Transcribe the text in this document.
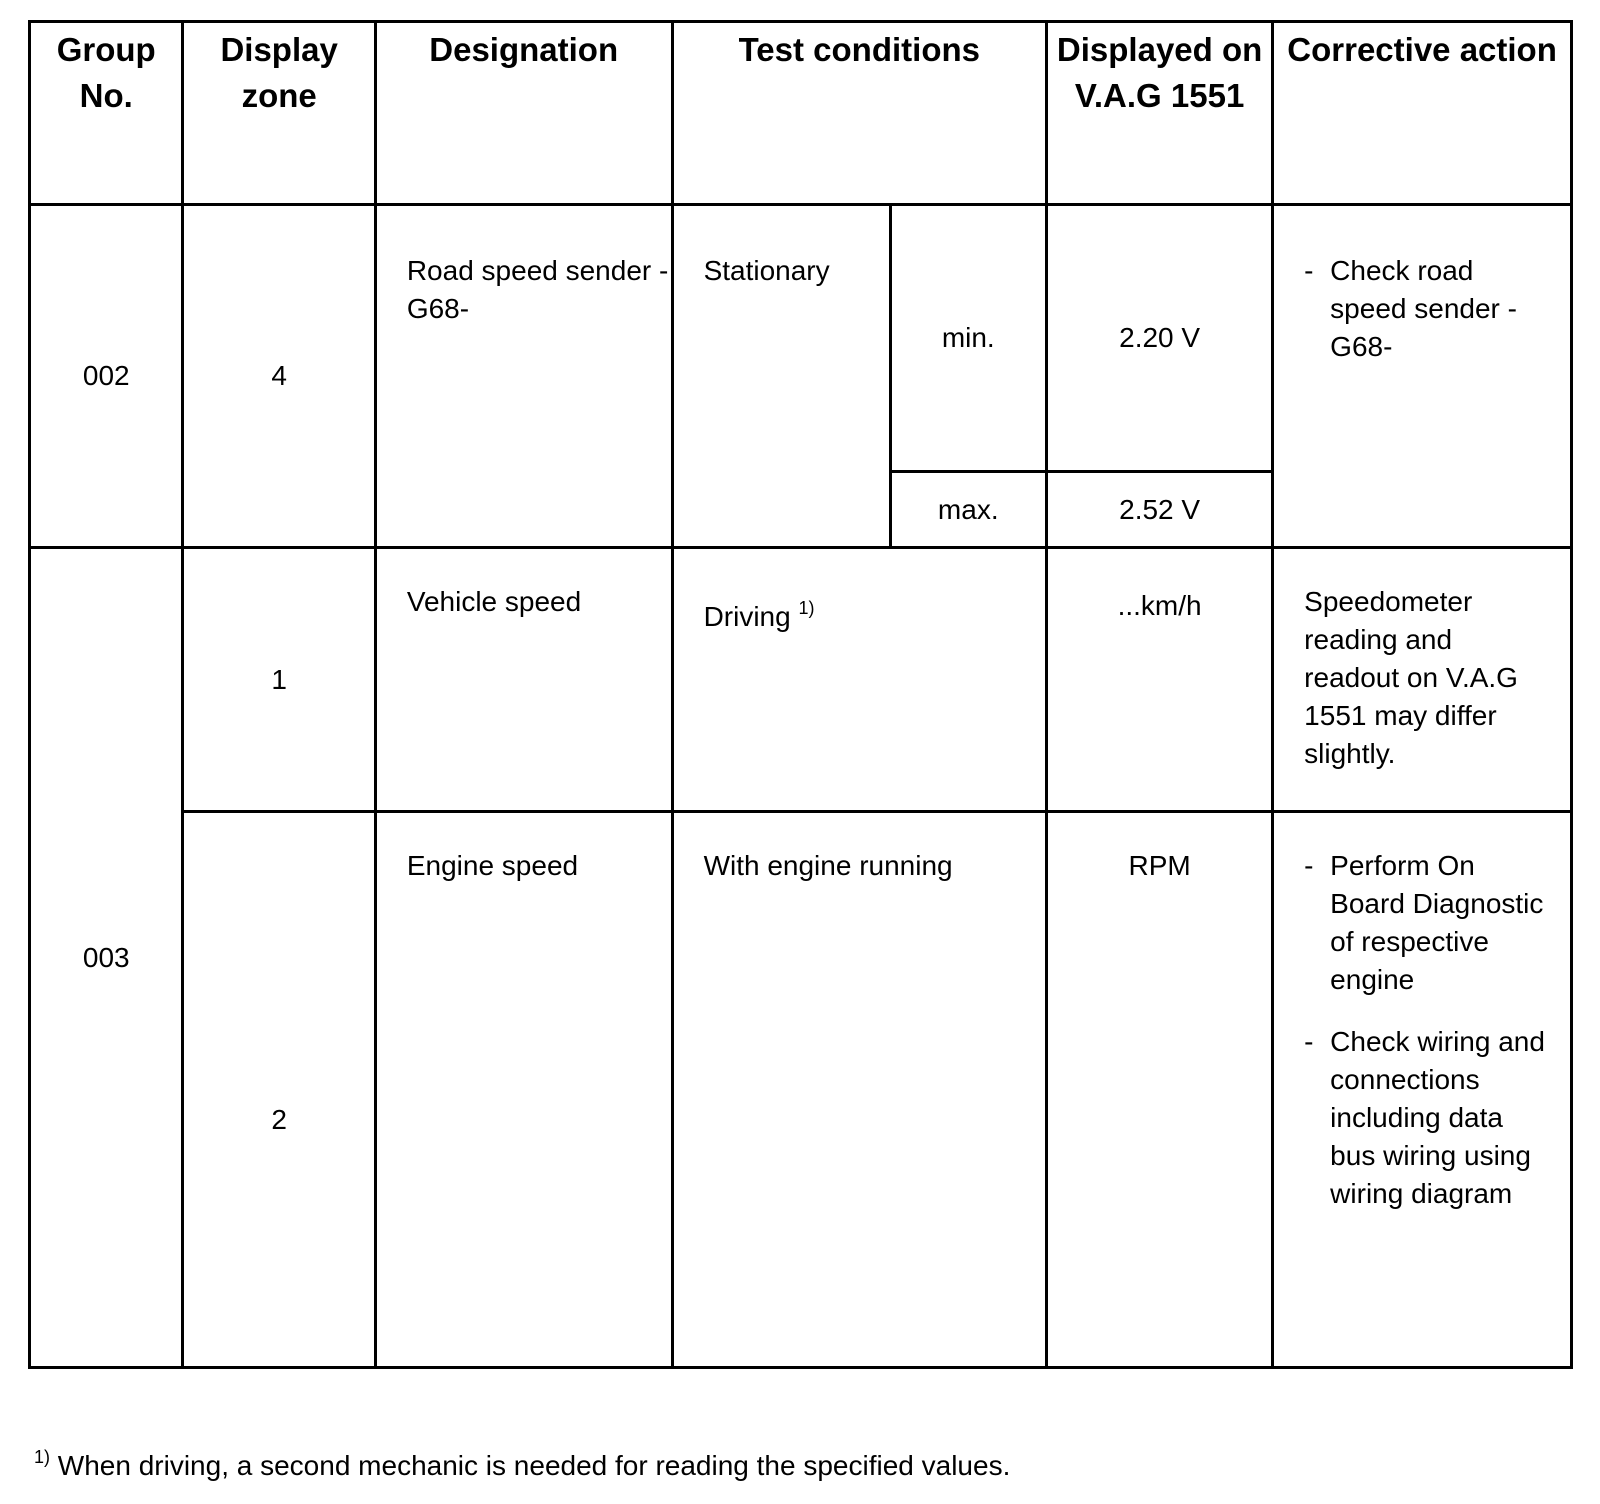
Group No.	Display zone	Designation	Test conditions		Displayed on V.A.G 1551	Corrective action
002	4	Road speed sender -G68-	Stationary	min.	2.20 V	- Check road speed sender -G68-

				max.	2.52 V	
003	1	Vehicle speed	Driving $^{1)}$		...km/h	Speedometer reading and readout on V.A.G 1551 may differ slightly.
	2	Engine speed	With engine running		RPM	- Perform On Board Diagnostic of respective engine
- Check wiring and connections including data bus wiring using wiring diagram
$^{1)}$ When driving, a second mechanic is needed for reading the specified values.
